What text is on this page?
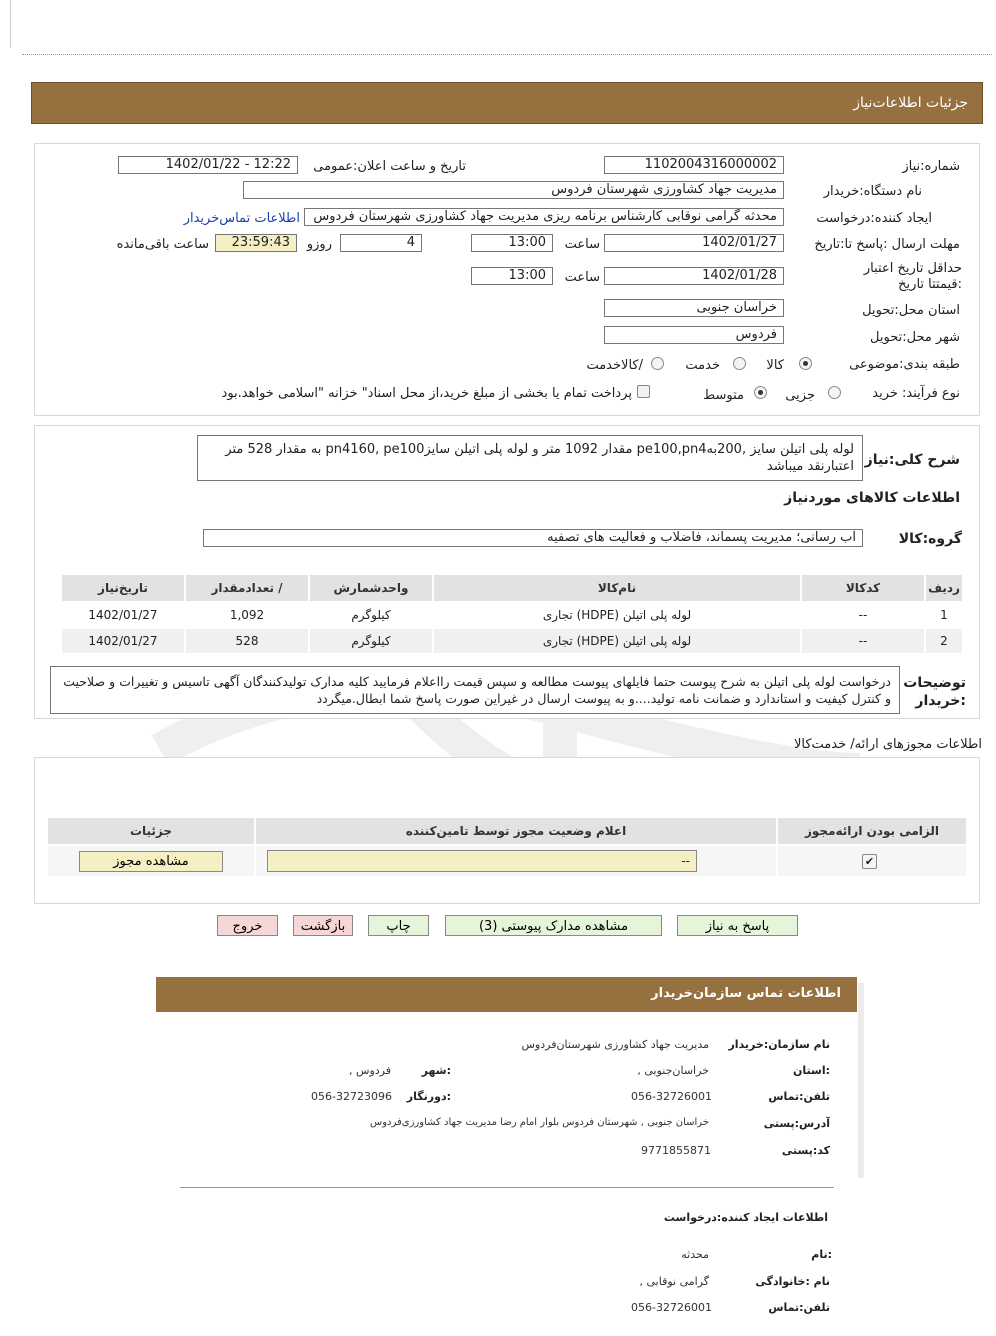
جزئیات اطلاعات‌نیاز
شماره:نیاز
1102004316000002
تاریخ و ساعت اعلان:عمومی
1402/01/22 - 12:22
نام دستگاه:خریدار
مدیریت جهاد کشاورزی شهرستان فردوس
ایجاد کننده:درخواست
محدثه گرامی نوقابی کارشناس برنامه ریزی مدیریت جهاد کشاورزی شهرستان فردوس
اطلاعات تماس‌خریدار
مهلت ارسال :پاسخ تا:تاریخ
1402/01/27
ساعت
13:00
4
روزو
23:59:43
ساعت باقی‌مانده
حداقل تاریخ اعتبار :قیمتتا تاریخ
1402/01/28
ساعت
13:00
استان محل:تحویل
خراسان جنوبی
شهر محل:تحویل
فردوس
طبقه بندی:موضوعی
کالا
خدمت
/کالاخدمت
نوع فرآیند: خرید
جزیی
متوسط
پرداخت تمام یا بخشی از مبلغ خرید،از محل اسناد" خزانه "اسلامی خواهد.بود
شرح کلی:نیاز
لوله پلی اتیلن سایز ,200بهpe100,pn4 مقدار 1092 متر و لوله پلی اتیلن سایزpn4160, pe100 به مقدار 528 متر اعتبارنقد میباشد
اطلاعات کالاهای موردنیاز
گروه:کالا
آب رسانی؛ مدیریت پسماند، فاضلاب و فعالیت های تصفیه
ردیف	کدکالا	نام‌کالا	واحدشمارش	/ تعدادمقدار	تاریخ‌نیاز
1	--	لوله پلی اتیلن (HDPE) تجاری	کیلوگرم	1,092	1402/01/27
2	--	لوله پلی اتیلن (HDPE) تجاری	کیلوگرم	528	1402/01/27
توضیحات :خریدار
درخواست لوله پلی اتیلن به شرح پیوست حتما فایلهای پیوست مطالعه و سپس قیمت رااعلام فرمایید کلیه مدارک تولیدکنندگان آگهی تاسیس و تغییرات و صلاحیت و کنترل کیفیت و استاندارد و ضمانت نامه تولید....و به پیوست ارسال در غیراین صورت پاسخ شما ابطال.میگردد
اطلاعات مجوزهای ارائه/ خدمت‌کالا
الزامی بودن ارائه‌مجوز	اعلام وضعیت مجوز توسط تامین‌کننده	جزئیات

✔	--	مشاهده مجوز
پاسخ به نیاز
مشاهده مدارک پیوستی (3)
چاپ
بازگشت
خروج
اطلاعات تماس سازمان‌خریدار
نام سازمان:خریدار
مدیریت جهاد کشاورزی شهرستان‌فردوس
:استان
خراسان‌جنوبی ,
:شهر
فردوس ,
تلفن:تماس
056-32726001
:دورنگار
056-32723096
آدرس:پستی
خراسان جنوبی , شهرستان فردوس بلوار امام رضا مدیریت جهاد کشاورزی‌فردوس
کد:پستی
9771855871
اطلاعات ایجاد کننده:درخواست
:نام
محدثه
نام :خانوادگی
گرامی نوقابی ,
تلفن:تماس
056-32726001
